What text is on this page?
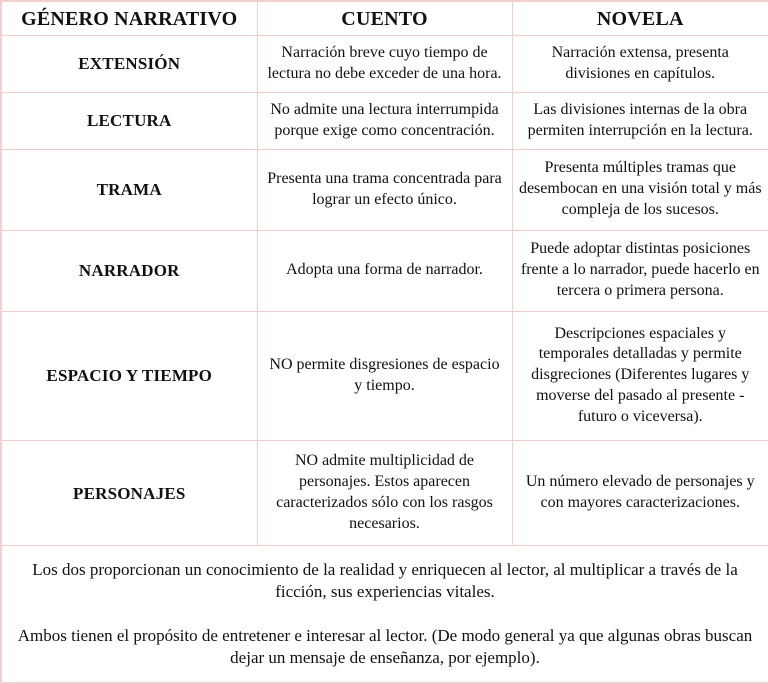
GÉNERO NARRATIVO	CUENTO	NOVELA
EXTENSIÓN	Narración breve cuyo tiempo de lectura no debe exceder de una hora.	Narración extensa, presenta divisiones en capítulos.
LECTURA	No admite una lectura interrumpida porque exige como concentración.	Las divisiones internas de la obra permiten interrupción en la lectura.
TRAMA	Presenta una trama concentrada para lograr un efecto único.	Presenta múltiples tramas que desembocan en una visión total y más compleja de los sucesos.
NARRADOR	Adopta una forma de narrador.	Puede adoptar distintas posiciones frente a lo narrador, puede hacerlo en tercera o primera persona.
ESPACIO Y TIEMPO	NO permite disgresiones de espacio y tiempo.	Descripciones espaciales y temporales detalladas y permite disgreciones (Diferentes lugares y moverse del pasado al presente -futuro o viceversa).
PERSONAJES	NO admite multiplicidad de personajes. Estos aparecen caracterizados sólo con los rasgos necesarios.	Un número elevado de personajes y con mayores caracterizaciones.

Los dos proporcionan un conocimiento de la realidad y enriquecen al lector, al multiplicar a través de la ficción, sus experiencias vitales.

Ambos tienen el propósito de entretener e interesar al lector. (De modo general ya que algunas obras buscan dejar un mensaje de enseñanza, por ejemplo).		
